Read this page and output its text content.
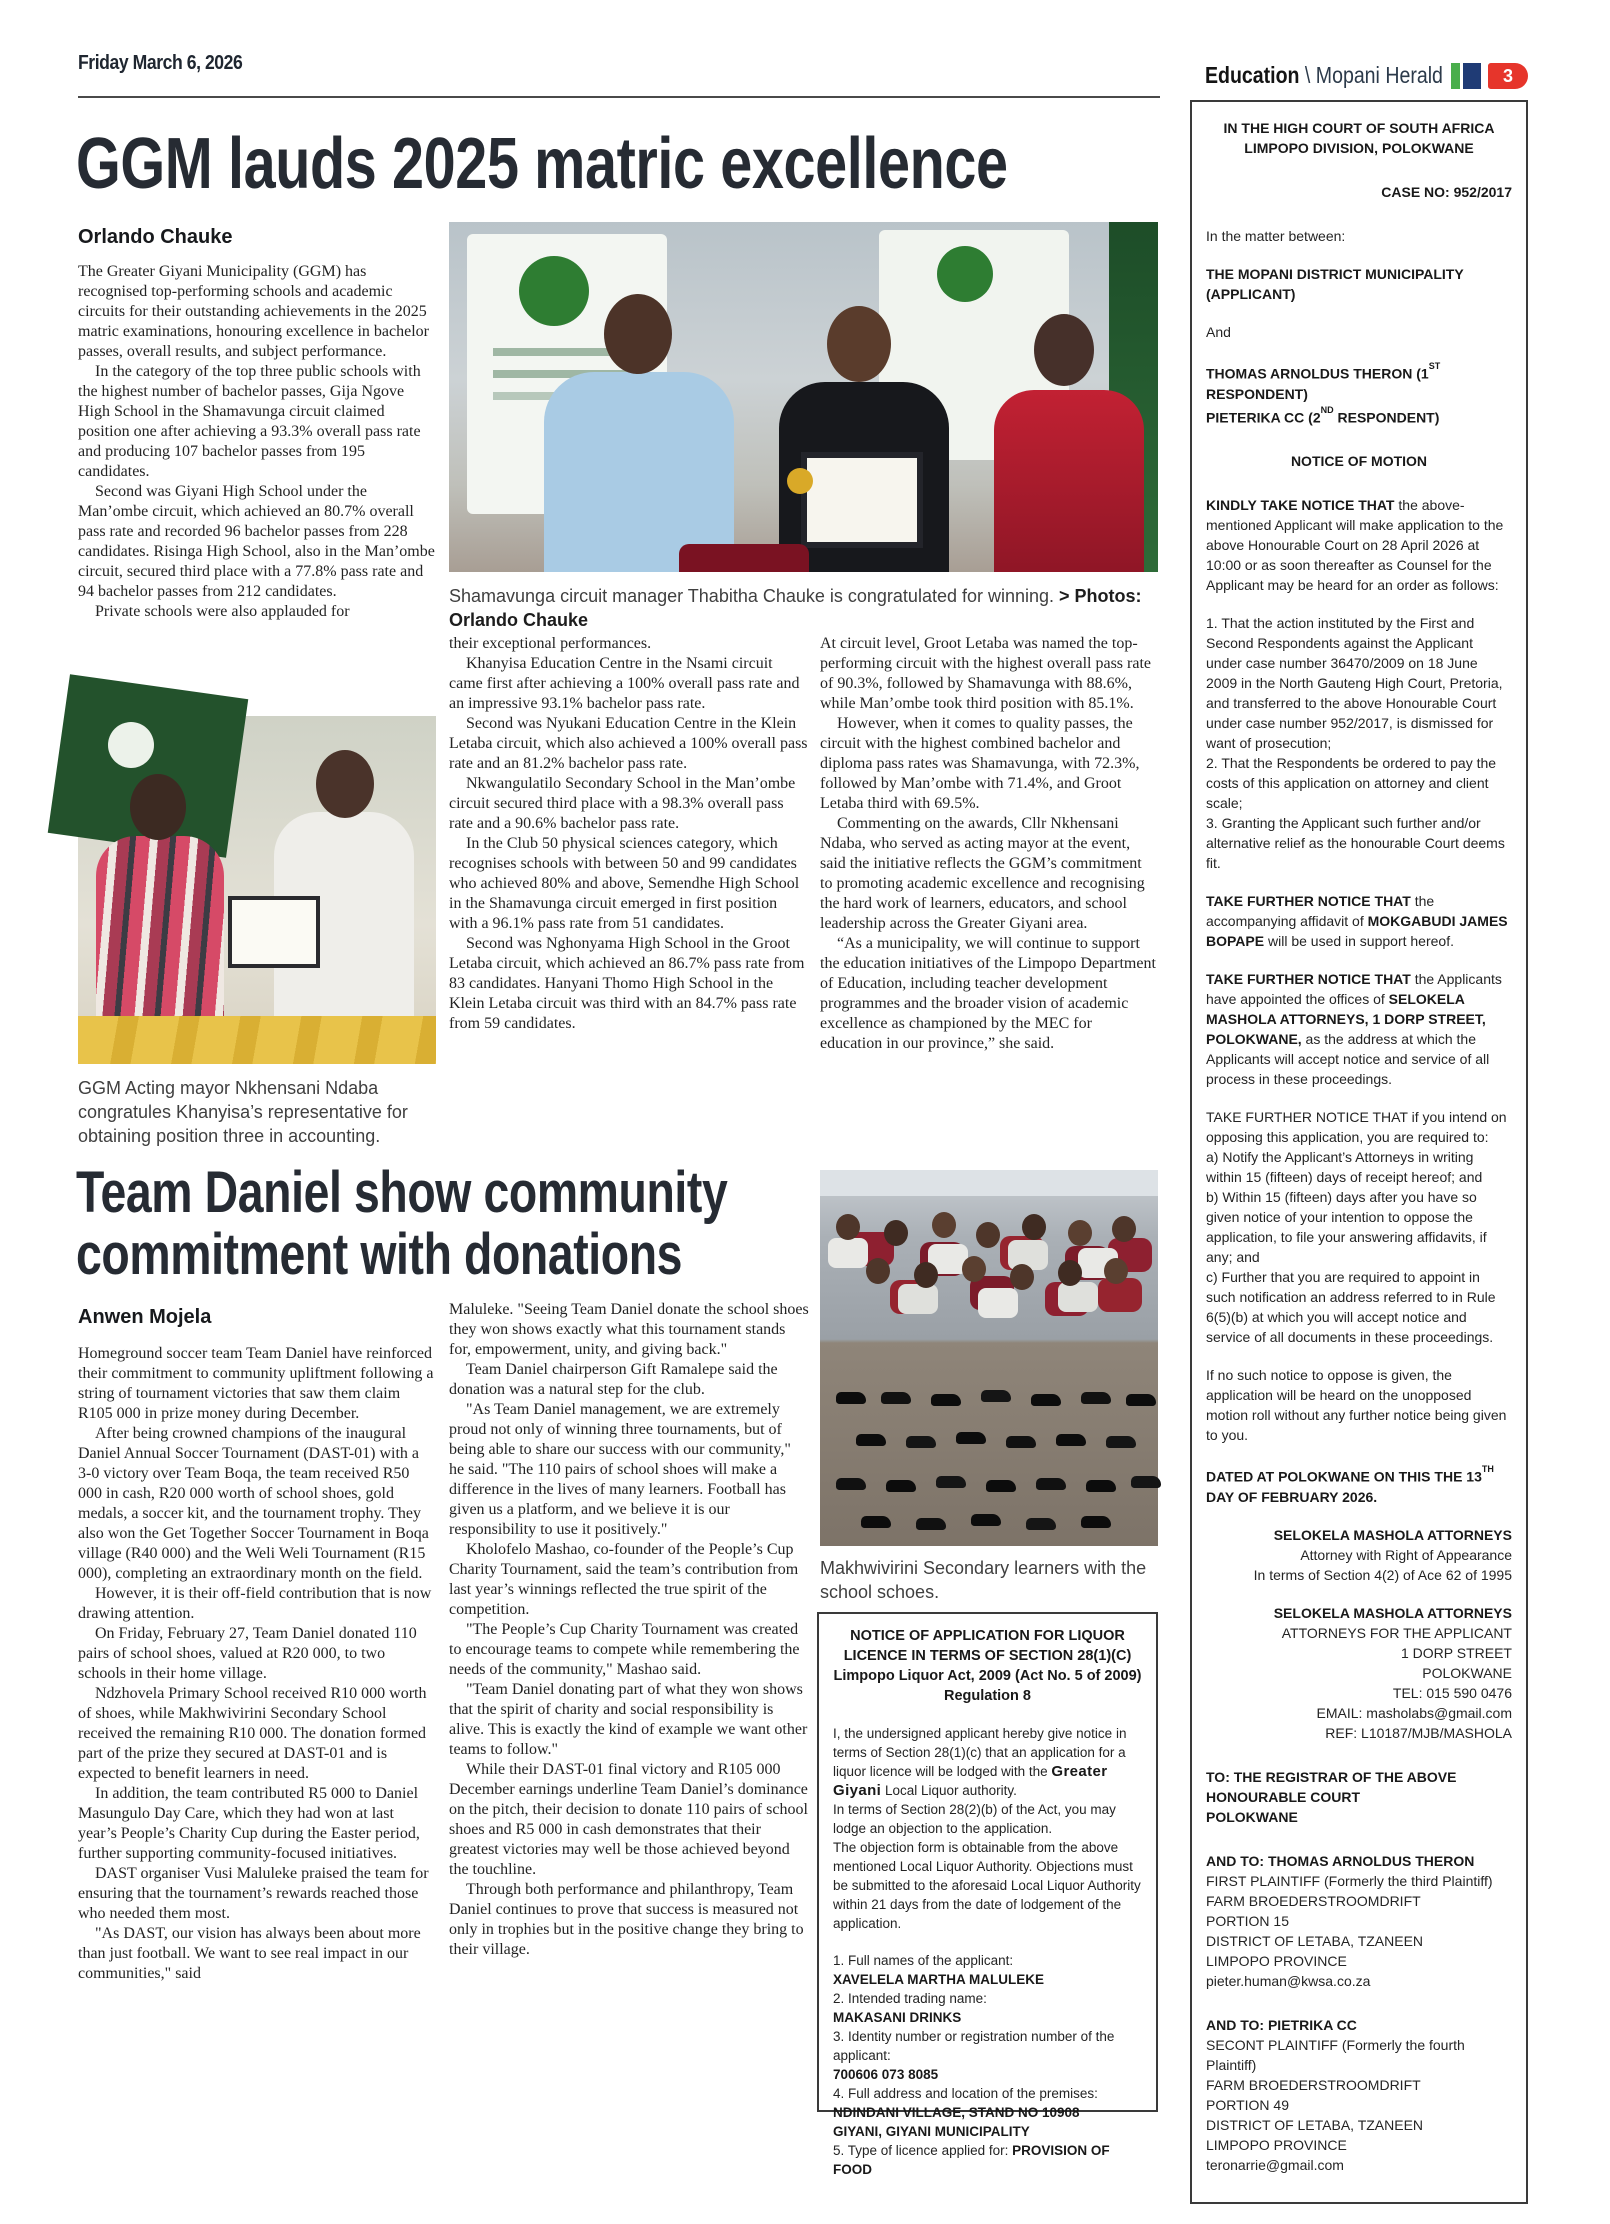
Friday March 6, 2026	Education \ Mopani Herald	3
GGM lauds 2025 matric excellence
Orlando Chauke
Shamavunga circuit manager Thabitha Chauke is congratulated for winning. > Photos: Orlando Chauke

The Greater Giyani Municipality (GGM) has recognised top-performing schools and academic circuits for their outstanding achievements in the 2025 matric examinations, honouring excellence in bachelor passes, overall results, and subject performance.

In the category of the top three public schools with the highest number of bachelor passes, Gija Ngove High School in the Shamavunga circuit claimed position one after achieving a 93.3% overall pass rate and producing 107 bachelor passes from 195 candidates.

Second was Giyani High School under the Man’ombe circuit, which achieved an 80.7% overall pass rate and recorded 96 bachelor passes from 228 candidates. Risinga High School, also in the Man’ombe circuit, secured third place with a 77.8% pass rate and 94 bachelor passes from 212 candidates.

Private schools were also applauded for

GGM Acting mayor Nkhensani Ndaba congratules Khanyisa’s representative for obtaining position three in accounting.

their exceptional performances.

Khanyisa Education Centre in the Nsami circuit came first after achieving a 100% overall pass rate and an impressive 93.1% bachelor pass rate.

Second was Nyukani Education Centre in the Klein Letaba circuit, which also achieved a 100% overall pass rate and an 81.2% bachelor pass rate.

Nkwangulatilo Secondary School in the Man’ombe circuit secured third place with a 98.3% overall pass rate and a 90.6% bachelor pass rate.

In the Club 50 physical sciences category, which recognises schools with between 50 and 99 candidates who achieved 80% and above, Semendhe High School in the Shamavunga circuit emerged in first position with a 96.1% pass rate from 51 candidates.

Second was Nghonyama High School in the Groot Letaba circuit, which achieved an 86.7% pass rate from 83 candidates. Hanyani Thomo High School in the Klein Letaba circuit was third with an 84.7% pass rate from 59 candidates.

At circuit level, Groot Letaba was named the top-performing circuit with the highest overall pass rate of 90.3%, followed by Shamavunga with 88.6%, while Man’ombe took third position with 85.1%.

However, when it comes to quality passes, the circuit with the highest combined bachelor and diploma pass rates was Shamavunga, with 72.3%, followed by Man’ombe with 71.4%, and Groot Letaba third with 69.5%.

Commenting on the awards, Cllr Nkhensani Ndaba, who served as acting mayor at the event, said the initiative reflects the GGM’s commitment to promoting academic excellence and recognising the hard work of learners, educators, and school leadership across the Greater Giyani area.

“As a municipality, we will continue to support the education initiatives of the Limpopo Department of Education, including teacher development programmes and the broader vision of academic excellence as championed by the MEC for education in our province,” she said.

Team Daniel show community
commitment with donations
Anwen Mojela

Homeground soccer team Team Daniel have reinforced their commitment to community upliftment following a string of tournament victories that saw them claim R105 000 in prize money during December.

After being crowned champions of the inaugural Daniel Annual Soccer Tournament (DAST-01) with a 3-0 victory over Team Boqa, the team received R50 000 in cash, R20 000 worth of school shoes, gold medals, a soccer kit, and the tournament trophy. They also won the Get Together Soccer Tournament in Boqa village (R40 000) and the Weli Weli Tournament (R15 000), completing an extraordinary month on the field.

However, it is their off-field contribution that is now drawing attention.

On Friday, February 27, Team Daniel donated 110 pairs of school shoes, valued at R20 000, to two schools in their home village.

Ndzhovela Primary School received R10 000 worth of shoes, while Makhwivirini Secondary School received the remaining R10 000. The donation formed part of the prize they secured at DAST-01 and is expected to benefit learners in need.

In addition, the team contributed R5 000 to Daniel Masungulo Day Care, which they had won at last year’s People’s Charity Cup during the Easter period, further supporting community-focused initiatives.

DAST organiser Vusi Maluleke praised the team for ensuring that the tournament’s rewards reached those who needed them most.

"As DAST, our vision has always been about more than just football. We want to see real impact in our communities," said

Maluleke. "Seeing Team Daniel donate the school shoes they won shows exactly what this tournament stands for, empowerment, unity, and giving back."

Team Daniel chairperson Gift Ramalepe said the donation was a natural step for the club.

"As Team Daniel management, we are extremely proud not only of winning three tournaments, but of being able to share our success with our community," he said. "The 110 pairs of school shoes will make a difference in the lives of many learners. Football has given us a platform, and we believe it is our responsibility to use it positively."

Kholofelo Mashao, co-founder of the People’s Cup Charity Tournament, said the team’s contribution from last year’s winnings reflected the true spirit of the competition.

"The People’s Cup Charity Tournament was created to encourage teams to compete while remembering the needs of the community," Mashao said.

"Team Daniel donating part of what they won shows that the spirit of charity and social responsibility is alive. This is exactly the kind of example we want other teams to follow."

While their DAST-01 final victory and R105 000 December earnings underline Team Daniel’s dominance on the pitch, their decision to donate 110 pairs of school shoes and R5 000 in cash demonstrates that their greatest victories may well be those achieved beyond the touchline.

Through both performance and philanthropy, Team Daniel continues to prove that success is measured not only in trophies but in the positive change they bring to their village.

Makhwivirini Secondary learners with the school schoes.

NOTICE OF APPLICATION FOR LIQUOR LICENCE IN TERMS OF SECTION 28(1)(C)

Limpopo Liquor Act, 2009 (Act No. 5 of 2009)

Regulation 8

I, the undersigned applicant hereby give notice in terms of Section 28(1)(c) that an application for a liquor licence will be lodged with the Greater Giyani Local Liquor authority.

In terms of Section 28(2)(b) of the Act, you may lodge an objection to the application.

The objection form is obtainable from the above mentioned Local Liquor Authority. Objections must be submitted to the aforesaid Local Liquor Authority within 21 days from the date of lodgement of the application.

1. Full names of the applicant:

XAVELELA MARTHA MALULEKE

2. Intended trading name:

MAKASANI DRINKS

3. Identity number or registration number of the applicant:

700606 073 8085

4. Full address and location of the premises:

NDINDANI VILLAGE, STAND NO 10908

GIYANI, GIYANI MUNICIPALITY

5. Type of licence applied for: PROVISION OF FOOD

IN THE HIGH COURT OF SOUTH AFRICA

LIMPOPO DIVISION, POLOKWANE

CASE NO: 952/2017

In the matter between:

THE MOPANI DISTRICT MUNICIPALITY (APPLICANT)

And

THOMAS ARNOLDUS THERON (1ST RESPONDENT)

PIETERIKA CC (2ND RESPONDENT)

NOTICE OF MOTION

KINDLY TAKE NOTICE THAT the above-mentioned Applicant will make application to the above Honourable Court on 28 April 2026 at 10:00 or as soon thereafter as Counsel for the Applicant may be heard for an order as follows:

1. That the action instituted by the First and Second Respondents against the Applicant under case number 36470/2009 on 18 June 2009 in the North Gauteng High Court, Pretoria, and transferred to the above Honourable Court under case number 952/2017, is dismissed for want of prosecution;

2. That the Respondents be ordered to pay the costs of this application on attorney and client scale;

3. Granting the Applicant such further and/or alternative relief as the honourable Court deems fit.

TAKE FURTHER NOTICE THAT the accompanying affidavit of MOKGABUDI JAMES BOPAPE will be used in support hereof.

TAKE FURTHER NOTICE THAT the Applicants have appointed the offices of SELOKELA MASHOLA ATTORNEYS, 1 DORP STREET, POLOKWANE, as the address at which the Applicants will accept notice and service of all process in these proceedings.

TAKE FURTHER NOTICE THAT if you intend on opposing this application, you are required to:

a) Notify the Applicant’s Attorneys in writing within 15 (fifteen) days of receipt hereof; and

b) Within 15 (fifteen) days after you have so given notice of your intention to oppose the application, to file your answering affidavits, if any; and

c) Further that you are required to appoint in such notification an address referred to in Rule 6(5)(b) at which you will accept notice and service of all documents in these proceedings.

If no such notice to oppose is given, the application will be heard on the unopposed motion roll without any further notice being given to you.

DATED AT POLOKWANE ON THIS THE 13TH DAY OF FEBRUARY 2026.

SELOKELA MASHOLA ATTORNEYS

Attorney with Right of Appearance

In terms of Section 4(2) of Ace 62 of 1995

SELOKELA MASHOLA ATTORNEYS

ATTORNEYS FOR THE APPLICANT

1 DORP STREET

POLOKWANE

TEL: 015 590 0476

EMAIL: masholabs@gmail.com

REF: L10187/MJB/MASHOLA

TO: THE REGISTRAR OF THE ABOVE

HONOURABLE COURT

POLOKWANE

AND TO: THOMAS ARNOLDUS THERON

FIRST PLAINTIFF (Formerly the third Plaintiff)

FARM BROEDERSTROOMDRIFT

PORTION 15

DISTRICT OF LETABA, TZANEEN

LIMPOPO PROVINCE

pieter.human@kwsa.co.za

AND TO: PIETRIKA CC

SECONT PLAINTIFF (Formerly the fourth Plaintiff)

FARM BROEDERSTROOMDRIFT

PORTION 49

DISTRICT OF LETABA, TZANEEN

LIMPOPO PROVINCE

teronarrie@gmail.com
